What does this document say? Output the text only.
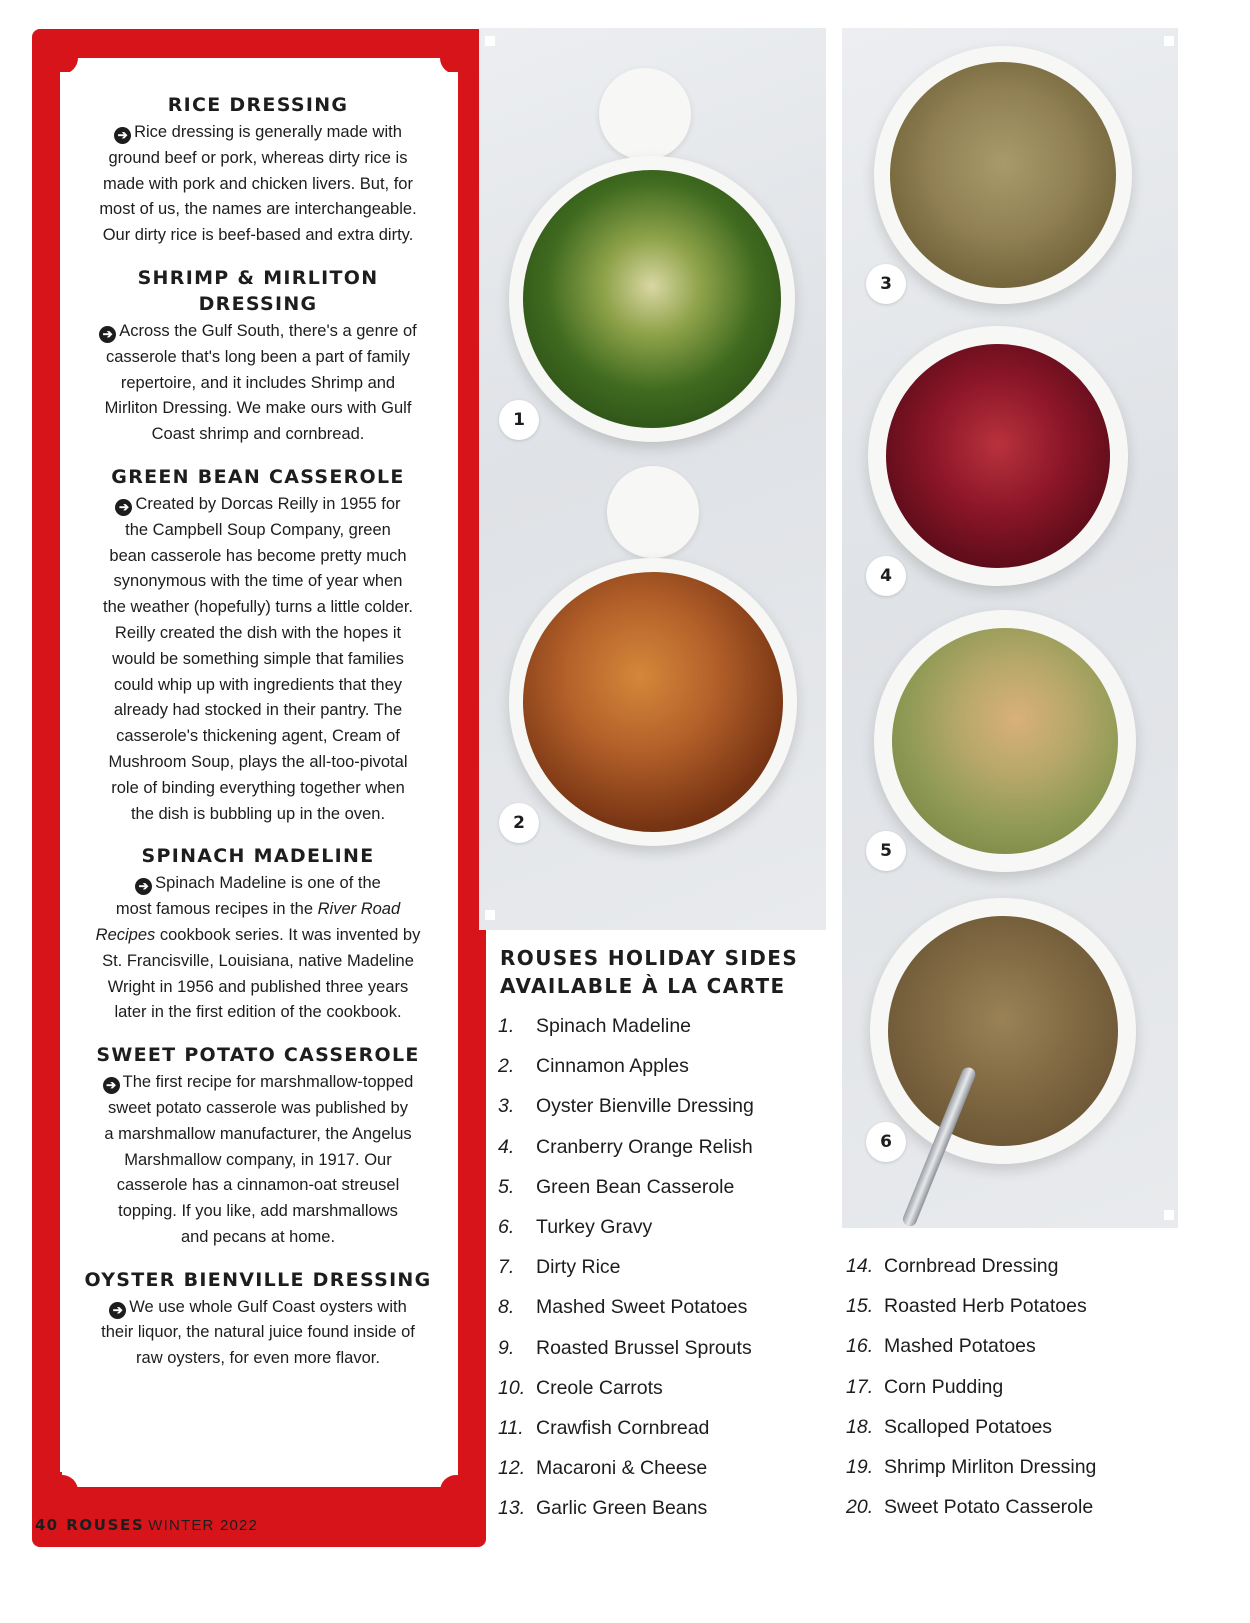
RICE DRESSING

➔ Rice dressing is generally made with
ground beef or pork, whereas dirty rice is
made with pork and chicken livers. But, for
most of us, the names are interchangeable.
Our dirty rice is beef-based and extra dirty.

SHRIMP & MIRLITON
DRESSING

➔ Across the Gulf South, there's a genre of
casserole that's long been a part of family
repertoire, and it includes Shrimp and
Mirliton Dressing. We make ours with Gulf
Coast shrimp and cornbread.

GREEN BEAN CASSEROLE

➔ Created by Dorcas Reilly in 1955 for
the Campbell Soup Company, green
bean casserole has become pretty much
synonymous with the time of year when
the weather (hopefully) turns a little colder.
Reilly created the dish with the hopes it
would be something simple that families
could whip up with ingredients that they
already had stocked in their pantry. The
casserole's thickening agent, Cream of
Mushroom Soup, plays the all-too-pivotal
role of binding everything together when
the dish is bubbling up in the oven.

SPINACH MADELINE

➔ Spinach Madeline is one of the
most famous recipes in the River Road
Recipes cookbook series. It was invented by
St. Francisville, Louisiana, native Madeline
Wright in 1956 and published three years
later in the first edition of the cookbook.

SWEET POTATO CASSEROLE

➔ The first recipe for marshmallow-topped
sweet potato casserole was published by
a marshmallow manufacturer, the Angelus
Marshmallow company, in 1917. Our
casserole has a cinnamon-oat streusel
topping. If you like, add marshmallows
and pecans at home.

OYSTER BIENVILLE DRESSING

➔ We use whole Gulf Coast oysters with
their liquor, the natural juice found inside of
raw oysters, for even more flavor.

1
2
3
4
5
6
ROUSES HOLIDAY SIDES
AVAILABLE À LA CARTE
1. Spinach Madeline
2. Cinnamon Apples
3. Oyster Bienville Dressing
4. Cranberry Orange Relish
5. Green Bean Casserole
6. Turkey Gravy
7. Dirty Rice
8. Mashed Sweet Potatoes
9. Roasted Brussel Sprouts
10. Creole Carrots
11. Crawfish Cornbread
12. Macaroni & Cheese
13. Garlic Green Beans
14. Cornbread Dressing
15. Roasted Herb Potatoes
16. Mashed Potatoes
17. Corn Pudding
18. Scalloped Potatoes
19. Shrimp Mirliton Dressing
20. Sweet Potato Casserole
40 ROUSES WINTER 2022
